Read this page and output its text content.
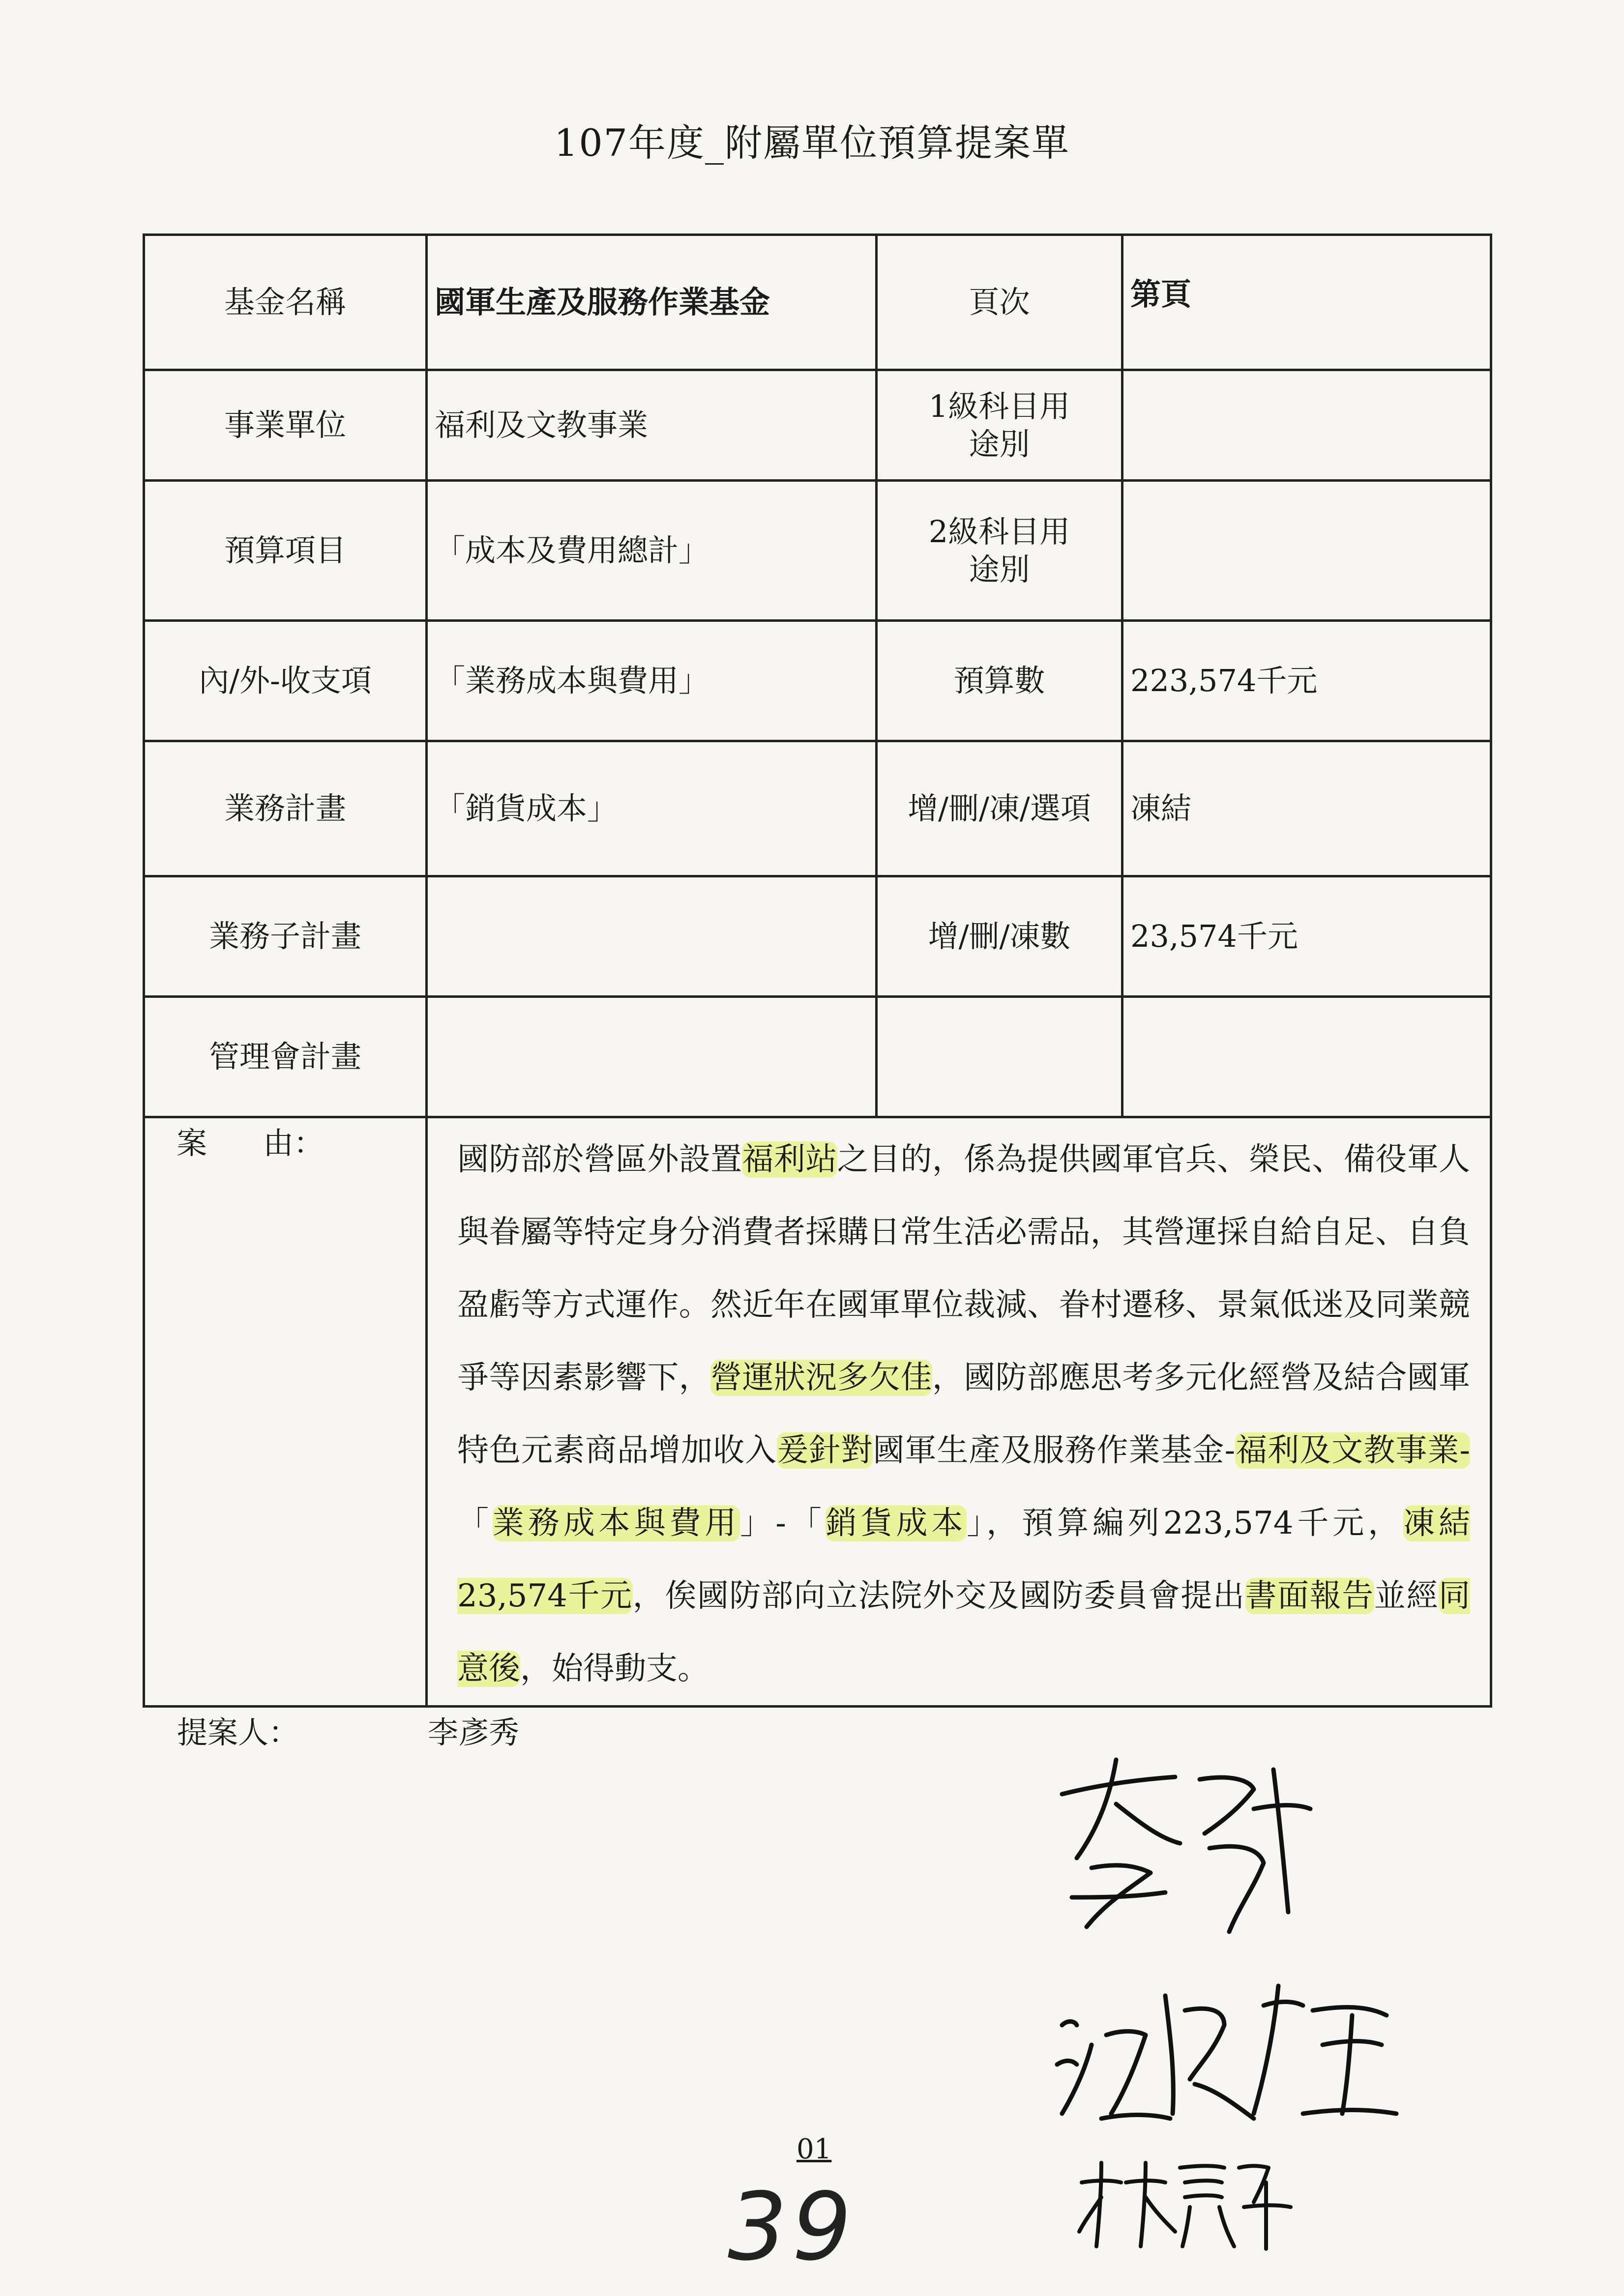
107年度_附屬單位預算提案單
基金名稱	國軍生產及服務作業基金	頁次	第頁
事業單位	福利及文教事業	1級科目用途別	
預算項目	「成本及費用總計」	2級科目用途別	
內/外-收支項	「業務成本與費用」	預算數	223,574千元
業務計畫	「銷貨成本」	增/刪/凍/選項	凍結
業務子計畫		增/刪/凍數	23,574千元
管理會計畫			

案 由：	國防部於營區外設置福利站之目的，係為提供國軍官兵、榮民、備役軍人與眷屬等特定身分消費者採購日常生活必需品，其營運採自給自足、自負盈虧等方式運作。然近年在國軍單位裁減、眷村遷移、景氣低迷及同業競爭等因素影響下，營運狀況多欠佳，國防部應思考多元化經營及結合國軍特色元素商品增加收入爰針對國軍生產及服務作業基金-福利及文教事業-「業務成本與費用」-「銷貨成本」，預算編列223,574千元，凍結23,574千元，俟國防部向立法院外交及國防委員會提出書面報告並經同意後，始得動支。		
提案人：	李彥秀
01
39
